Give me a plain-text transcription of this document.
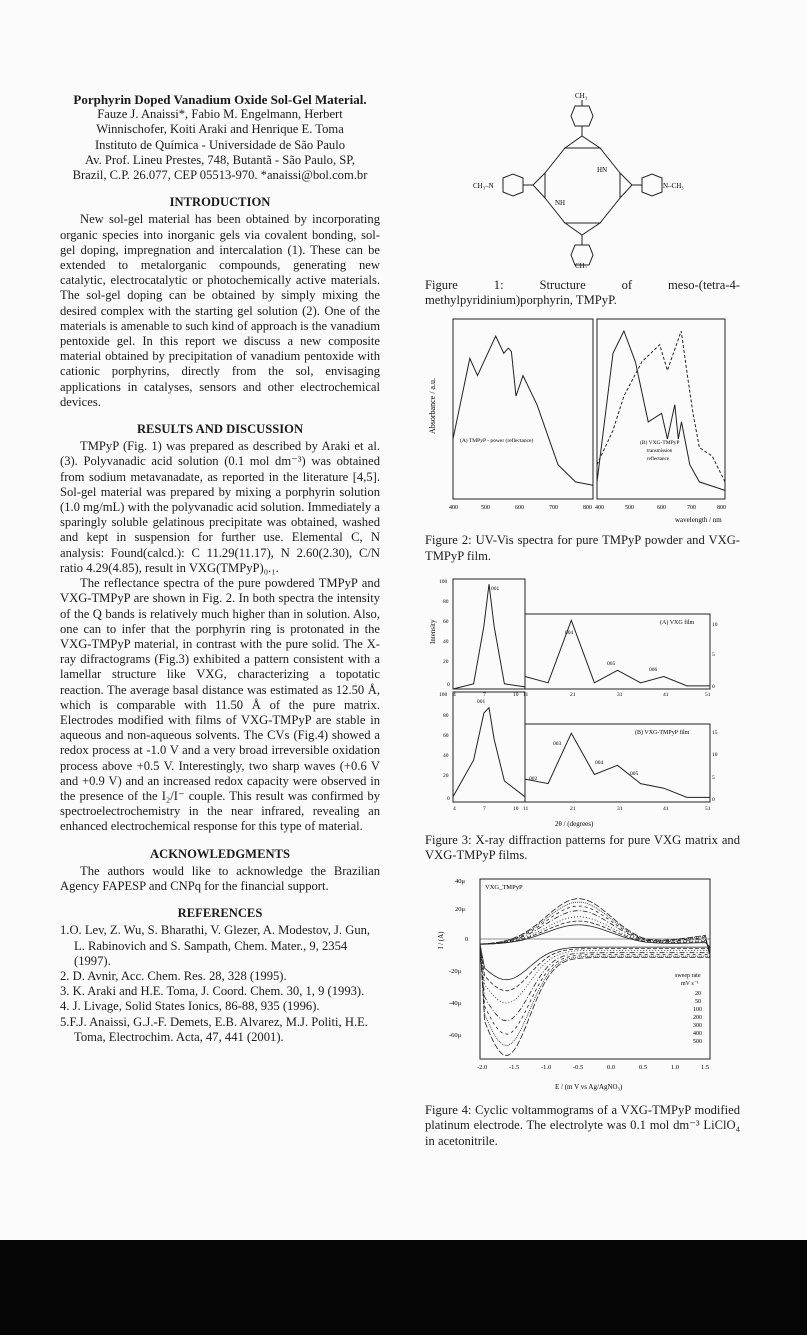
Porphyrin Doped Vanadium Oxide Sol-Gel Material.
Fauze J. Anaissi*, Fabio M. Engelmann, Herbert
Winnischofer, Koiti Araki and Henrique E. Toma
Instituto de Química - Universidade de São Paulo
Av. Prof. Lineu Prestes, 748, Butantã - São Paulo, SP,
Brazil, C.P. 26.077, CEP 05513-970. *anaissi@bol.com.br
INTRODUCTION

New sol-gel material has been obtained by incorporating organic species into inorganic gels via covalent bonding, sol-gel doping, impregnation and intercalation (1). These can be extended to metalorganic compounds, generating new catalytic, electrocatalytic or photochemically active materials. The sol-gel doping can be obtained by simply mixing the desired complex with the starting gel solution (2). One of the materials is amenable to such kind of approach is the vanadium pentoxide gel. In this report we discuss a new composite material obtained by precipitation of vanadium pentoxide with cationic porphyrins, directly from the sol, envisaging applications in catalyses, sensors and other electrochemical devices.

RESULTS AND DISCUSSION

TMPyP (Fig. 1) was prepared as described by Araki et al. (3). Polyvanadic acid solution (0.1 mol dm⁻³) was obtained from sodium metavanadate, as reported in the literature [4,5]. Sol-gel material was prepared by mixing a porphyrin solution (1.0 mg/mL) with the polyvanadic acid solution. Immediately a sparingly soluble gelatinous precipitate was obtained, washed and kept in suspension for further use. Elemental C, N analysis: Found(calcd.): C 11.29(11.17), N 2.60(2.30), C/N ratio 4.29(4.85), result in VXG(TMPyP)₀.₁.

The reflectance spectra of the pure powdered TMPyP and VXG-TMPyP are shown in Fig. 2. In both spectra the intensity of the Q bands is relatively much higher than in solution. Also, one can to infer that the porphyrin ring is protonated in the VXG-TMPyP material, in contrast with the pure solid. The X-ray difractograms (Fig.3) exhibited a pattern consistent with a lamellar structure like VXG, characterizing a topotatic reaction. The average basal distance was estimated as 12.50 Å, which is comparable with 11.50 Å of the pure matrix. Electrodes modified with films of VXG-TMPyP are stable in aqueous and non-aqueous solvents. The CVs (Fig.4) showed a redox process at -1.0 V and a very broad irreversible oxidation process above +0.5 V. Interestingly, two sharp waves (+0.6 V and +0.9 V) and an increased redox capacity were observed in the presence of the I₂/I⁻ couple. This result was confirmed by spectroelectrochemistry in the near infrared, revealing an enhanced electrochemical response for this type of material.

ACKNOWLEDGMENTS

The authors would like to acknowledge the Brazilian Agency FAPESP and CNPq for the financial support.

REFERENCES

1.O. Lev, Z. Wu, S. Bharathi, V. Glezer, A. Modestov, J. Gun, L. Rabinovich and S. Sampath, Chem. Mater., 9, 2354 (1997).

2. D. Avnir, Acc. Chem. Res. 28, 328 (1995).

3. K. Araki and H.E. Toma, J. Coord. Chem. 30, 1, 9 (1993).

4. J. Livage, Solid States Ionics, 86-88, 935 (1996).

5.F.J. Anaissi, G.J.-F. Demets, E.B. Alvarez, M.J. Politi, H.E. Toma, Electrochim. Acta, 47, 441 (2001).

CH₃
CH₃
CH₃–N	N–CH₃
HN
NH

Figure 1: Structure of meso-(tetra-4-methylpyridinium)porphyrin, TMPyP.

Absorbance / a.u.
wavelength / nm
(A) TMPyP - power (reflectance)	(B) VXG-TMPyP
transmission
reflectance
400	500	600	700	800 400	500	600	700	800

Figure 2: UV-Vis spectra for pure TMPyP powder and VXG-TMPyP film.

Intensity
2θ / (degrees)
(A) VXG film
(B) VXG-TMPyP film
001
004
005
006
001
003
002
004
005
100
80
60
40
20
0
100
80
60
40
20
0
4	7	10 11	21	31	41	51
4	7	10 11	21	31	41	51
10
5
0
15
10
5
0

Figure 3: X-ray diffraction patterns for pure VXG matrix and VXG-TMPyP films.

I / (A)
E / (m V vs Ag/AgNO₃)
VXG_TMPyP
sweep rate
mV s⁻¹
20
50
100
200
300
400
500
40μ
20μ
0
-20μ
-40μ
-60μ
-2.0	-1.5	-1.0	-0.5	0.0	0.5	1.0	1.5

Figure 4: Cyclic voltammograms of a VXG-TMPyP modified platinum electrode. The electrolyte was 0.1 mol dm⁻³ LiClO₄ in acetonitrile.
